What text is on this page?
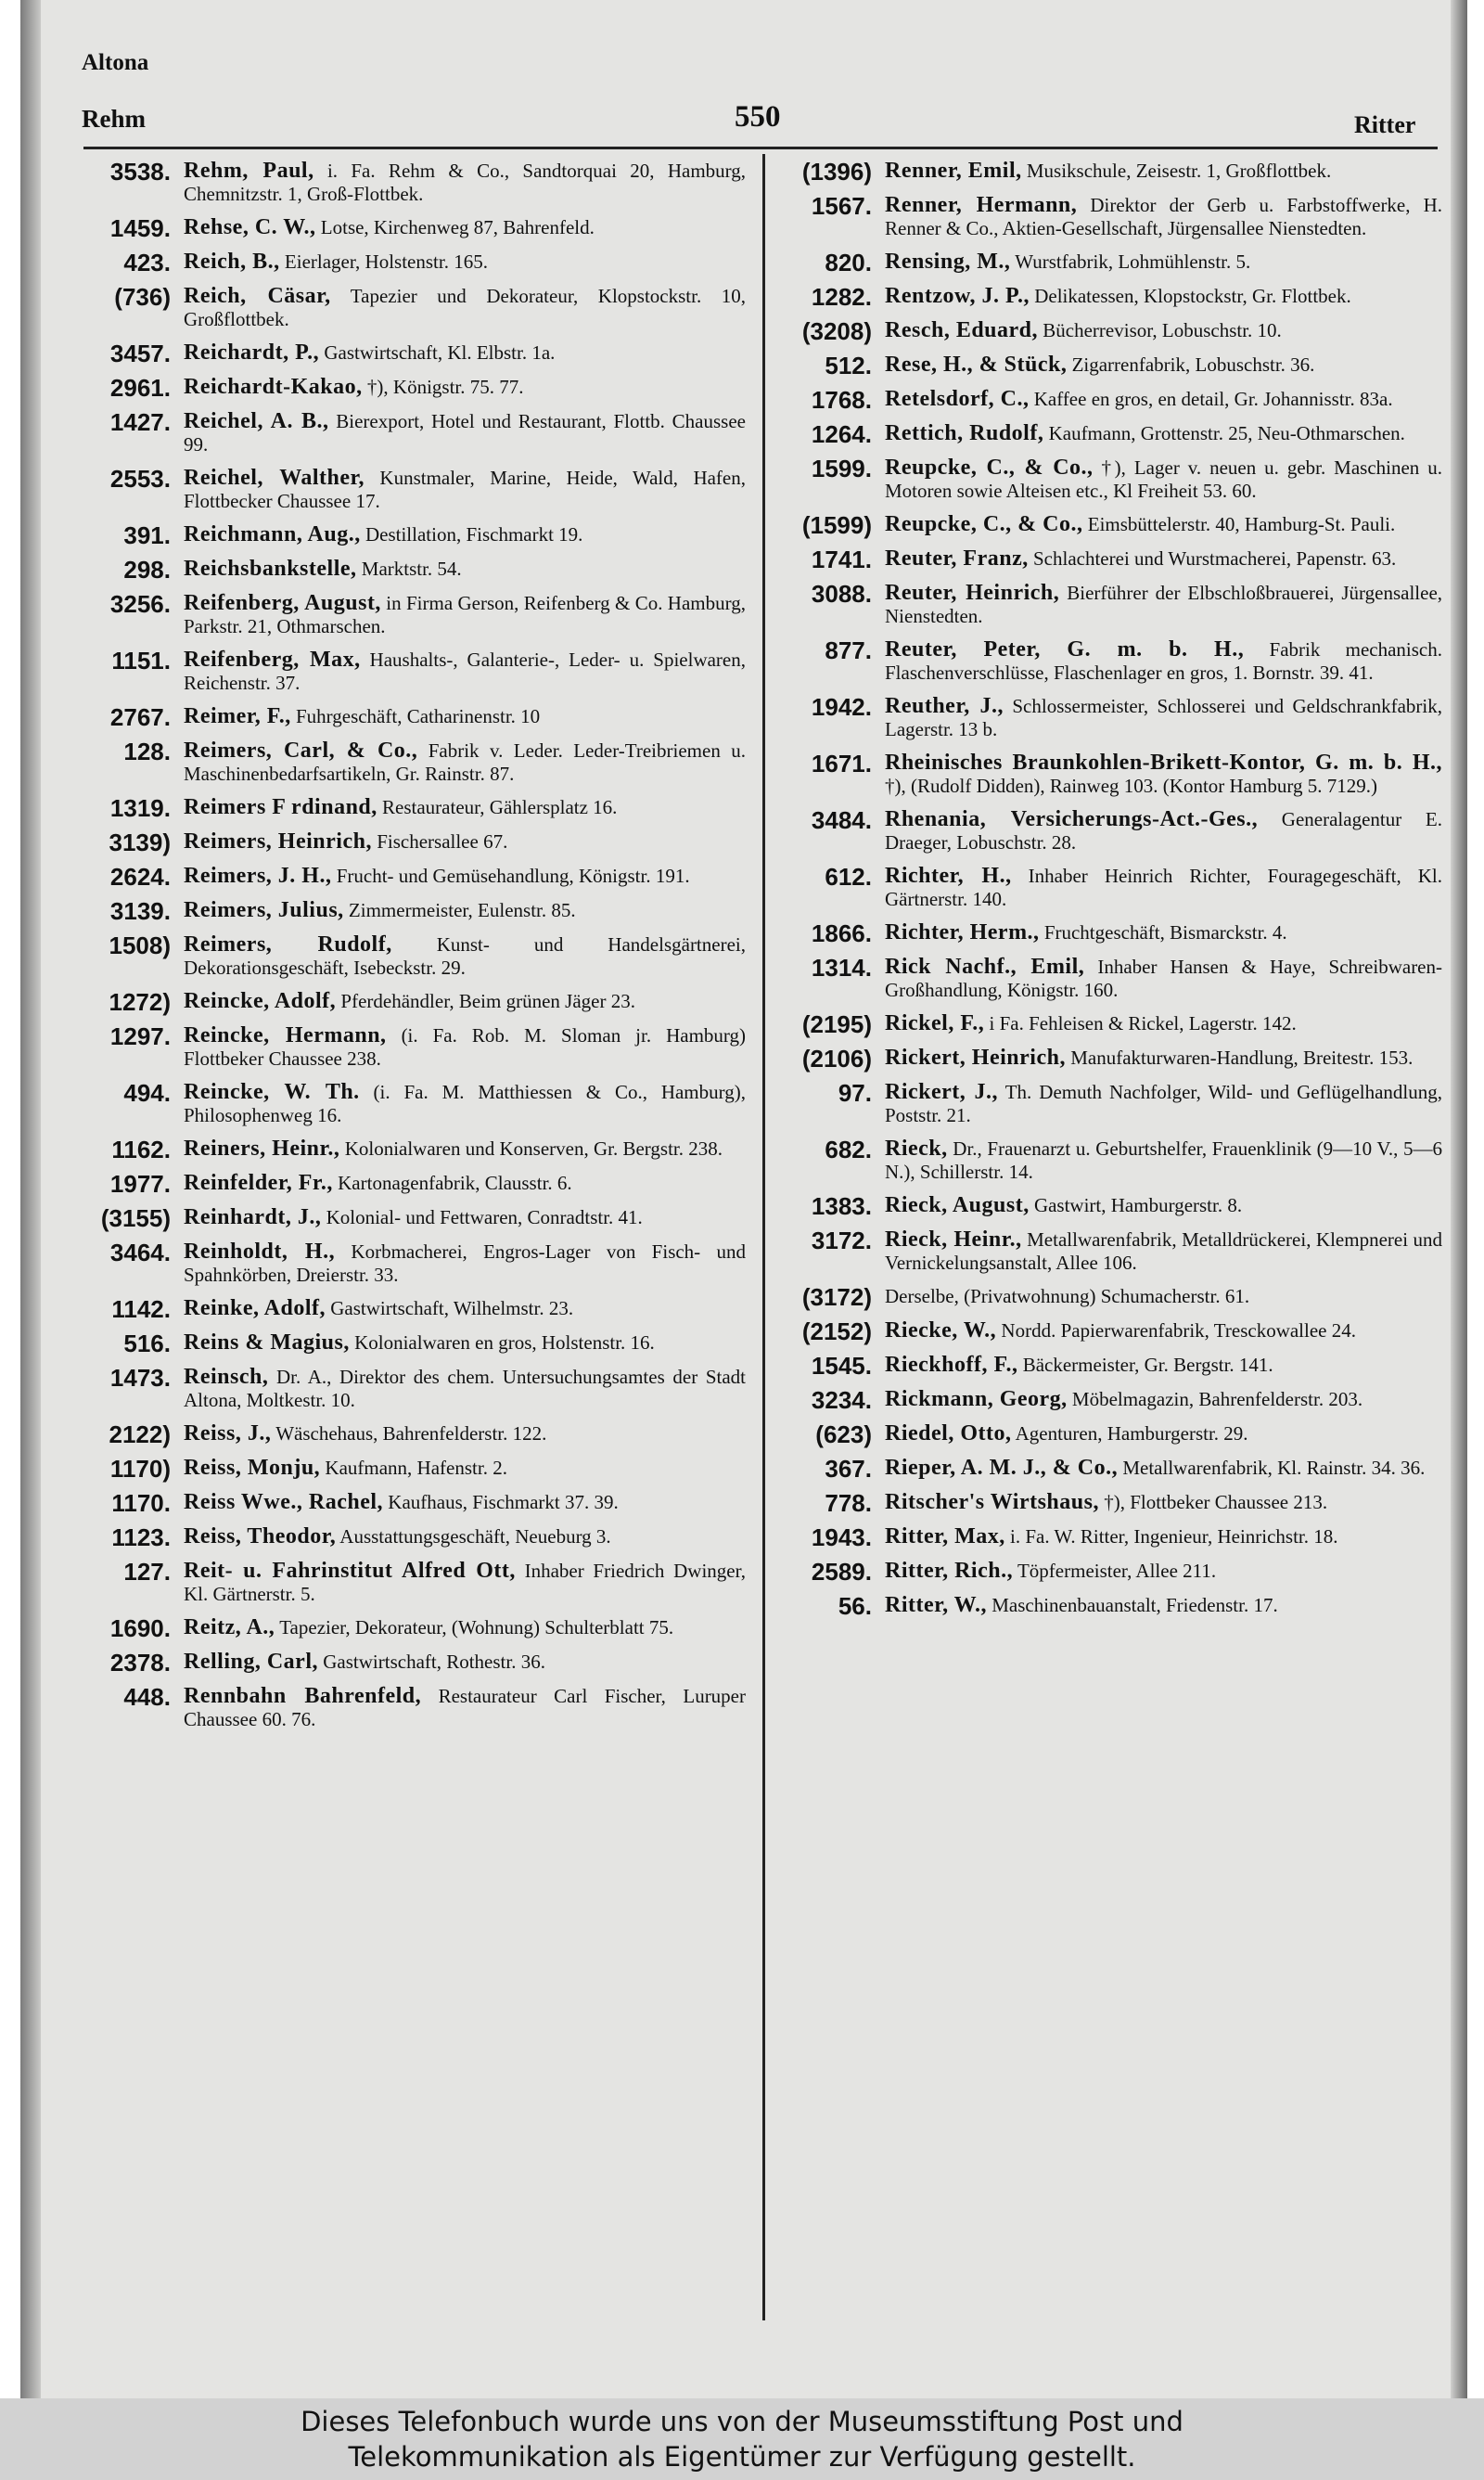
Altona
Rehm	550	Ritter
3538. Rehm, Paul, i. Fa. Rehm & Co., Sandtorquai 20, Hamburg, Chemnitzstr. 1, Groß-Flottbek.
1459. Rehse, C. W., Lotse, Kirchenweg 87, Bahrenfeld.
423. Reich, B., Eierlager, Holstenstr. 165.
(736) Reich, Cäsar, Tapezier und Dekorateur, Klopstockstr. 10, Großflottbek.
3457. Reichardt, P., Gastwirtschaft, Kl. Elbstr. 1a.
2961. Reichardt-Kakao, †), Königstr. 75. 77.
1427. Reichel, A. B., Bierexport, Hotel und Restaurant, Flottb. Chaussee 99.
2553. Reichel, Walther, Kunstmaler, Marine, Heide, Wald, Hafen, Flottbecker Chaussee 17.
391. Reichmann, Aug., Destillation, Fischmarkt 19.
298. Reichsbankstelle, Marktstr. 54.
3256. Reifenberg, August, in Firma Gerson, Reifenberg & Co. Hamburg, Parkstr. 21, Othmarschen.
1151. Reifenberg, Max, Haushalts-, Galanterie-, Leder- u. Spielwaren, Reichenstr. 37.
2767. Reimer, F., Fuhrgeschäft, Catharinenstr. 10
128. Reimers, Carl, & Co., Fabrik v. Leder. Leder-Treibriemen u. Maschinenbedarfsartikeln, Gr. Rainstr. 87.
1319. Reimers F rdinand, Restaurateur, Gählersplatz 16.
3139) Reimers, Heinrich, Fischersallee 67.
2624. Reimers, J. H., Frucht- und Gemüsehandlung, Königstr. 191.
3139. Reimers, Julius, Zimmermeister, Eulenstr. 85.
1508) Reimers, Rudolf, Kunst- und Handelsgärtnerei, Dekorationsgeschäft, Isebeckstr. 29.
1272) Reincke, Adolf, Pferdehändler, Beim grünen Jäger 23.
1297. Reincke, Hermann, (i. Fa. Rob. M. Sloman jr. Hamburg) Flottbeker Chaussee 238.
494. Reincke, W. Th. (i. Fa. M. Matthiessen & Co., Hamburg), Philosophenweg 16.
1162. Reiners, Heinr., Kolonialwaren und Konserven, Gr. Bergstr. 238.
1977. Reinfelder, Fr., Kartonagenfabrik, Clausstr. 6.
(3155) Reinhardt, J., Kolonial- und Fettwaren, Conradtstr. 41.
3464. Reinholdt, H., Korbmacherei, Engros-Lager von Fisch- und Spahnkörben, Dreierstr. 33.
1142. Reinke, Adolf, Gastwirtschaft, Wilhelmstr. 23.
516. Reins & Magius, Kolonialwaren en gros, Holstenstr. 16.
1473. Reinsch, Dr. A., Direktor des chem. Untersuchungsamtes der Stadt Altona, Moltkestr. 10.
2122) Reiss, J., Wäschehaus, Bahrenfelderstr. 122.
1170) Reiss, Monju, Kaufmann, Hafenstr. 2.
1170. Reiss Wwe., Rachel, Kaufhaus, Fischmarkt 37. 39.
1123. Reiss, Theodor, Ausstattungsgeschäft, Neueburg 3.
127. Reit- u. Fahrinstitut Alfred Ott, Inhaber Friedrich Dwinger, Kl. Gärtnerstr. 5.
1690. Reitz, A., Tapezier, Dekorateur, (Wohnung) Schulterblatt 75.
2378. Relling, Carl, Gastwirtschaft, Rothestr. 36.
448. Rennbahn Bahrenfeld, Restaurateur Carl Fischer, Luruper Chaussee 60. 76.
(1396) Renner, Emil, Musikschule, Zeisestr. 1, Großflottbek.
1567. Renner, Hermann, Direktor der Gerb u. Farbstoffwerke, H. Renner & Co., Aktien-Gesellschaft, Jürgensallee Nienstedten.
820. Rensing, M., Wurstfabrik, Lohmühlenstr. 5.
1282. Rentzow, J. P., Delikatessen, Klopstockstr, Gr. Flottbek.
(3208) Resch, Eduard, Bücherrevisor, Lobuschstr. 10.
512. Rese, H., & Stück, Zigarrenfabrik, Lobuschstr. 36.
1768. Retelsdorf, C., Kaffee en gros, en detail, Gr. Johannisstr. 83a.
1264. Rettich, Rudolf, Kaufmann, Grottenstr. 25, Neu-Othmarschen.
1599. Reupcke, C., & Co., †), Lager v. neuen u. gebr. Maschinen u. Motoren sowie Alteisen etc., Kl Freiheit 53. 60.
(1599) Reupcke, C., & Co., Eimsbüttelerstr. 40, Hamburg-St. Pauli.
1741. Reuter, Franz, Schlachterei und Wurstmacherei, Papenstr. 63.
3088. Reuter, Heinrich, Bierführer der Elbschloßbrauerei, Jürgensallee, Nienstedten.
877. Reuter, Peter, G. m. b. H., Fabrik mechanisch. Flaschenverschlüsse, Flaschenlager en gros, 1. Bornstr. 39. 41.
1942. Reuther, J., Schlossermeister, Schlosserei und Geldschrankfabrik, Lagerstr. 13 b.
1671. Rheinisches Braunkohlen-Brikett-Kontor, G. m. b. H., †), (Rudolf Didden), Rainweg 103. (Kontor Hamburg 5. 7129.)
3484. Rhenania, Versicherungs-Act.-Ges., Generalagentur E. Draeger, Lobuschstr. 28.
612. Richter, H., Inhaber Heinrich Richter, Fouragegeschäft, Kl. Gärtnerstr. 140.
1866. Richter, Herm., Fruchtgeschäft, Bismarckstr. 4.
1314. Rick Nachf., Emil, Inhaber Hansen & Haye, Schreibwaren-Großhandlung, Königstr. 160.
(2195) Rickel, F., i Fa. Fehleisen & Rickel, Lagerstr. 142.
(2106) Rickert, Heinrich, Manufakturwaren-Handlung, Breitestr. 153.
97. Rickert, J., Th. Demuth Nachfolger, Wild- und Geflügelhandlung, Poststr. 21.
682. Rieck, Dr., Frauenarzt u. Geburtshelfer, Frauenklinik (9—10 V., 5—6 N.), Schillerstr. 14.
1383. Rieck, August, Gastwirt, Hamburgerstr. 8.
3172. Rieck, Heinr., Metallwarenfabrik, Metalldrückerei, Klempnerei und Vernickelungsanstalt, Allee 106.
(3172) Derselbe, (Privatwohnung) Schumacherstr. 61.
(2152) Riecke, W., Nordd. Papierwarenfabrik, Tresckowallee 24.
1545. Rieckhoff, F., Bäckermeister, Gr. Bergstr. 141.
3234. Rickmann, Georg, Möbelmagazin, Bahrenfelderstr. 203.
(623) Riedel, Otto, Agenturen, Hamburgerstr. 29.
367. Rieper, A. M. J., & Co., Metallwarenfabrik, Kl. Rainstr. 34. 36.
778. Ritscher's Wirtshaus, †), Flottbeker Chaussee 213.
1943. Ritter, Max, i. Fa. W. Ritter, Ingenieur, Heinrichstr. 18.
2589. Ritter, Rich., Töpfermeister, Allee 211.
56. Ritter, W., Maschinenbauanstalt, Friedenstr. 17.
Dieses Telefonbuch wurde uns von der Museumsstiftung Post und
Telekommunikation als Eigentümer zur Verfügung gestellt.
